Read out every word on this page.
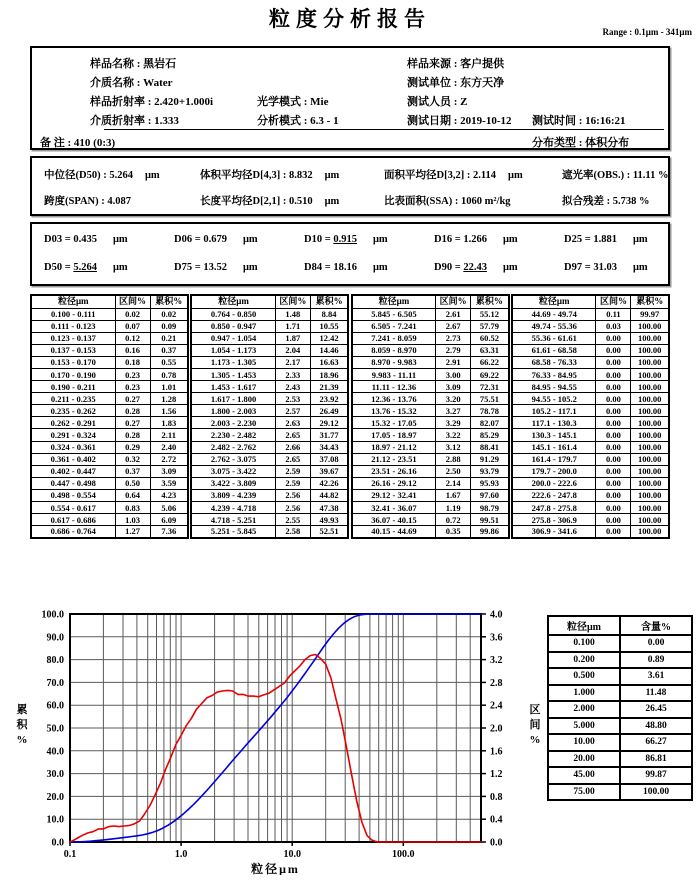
粒度分析报告
Range : 0.1μm - 341μm
样品名称 : 黑岩石	样品来源 : 客户提供
介质名称 : Water	测试单位 : 东方天净
样品折射率 : 2.420+1.000i	光学模式 : Mie	测试人员 : Z
介质折射率 : 1.333	分析模式 : 6.3 - 1	测试日期 : 2019-10-12 测试时间 : 16:16:21
备 注 : 410 (0:3)	分布类型 : 体积分布
中位径(D50) : 5.264 μm	体积平均径D[4,3] : 8.832 μm	面积平均径D[3,2] : 2.114 μm	遮光率(OBS.) : 11.11 %
跨度(SPAN) : 4.087	长度平均径D[2,1] : 0.510 μm	比表面积(SSA) : 1060 m²/kg	拟合残差 : 5.738 %
D03 = 0.435 μm	D06 = 0.679 μm	D10 = 0.915 μm	D16 = 1.266 μm	D25 = 1.881 μm
D50 = 5.264 μm	D75 = 13.52 μm	D84 = 18.16 μm	D90 = 22.43 μm	D97 = 31.03 μm
粒径μm	区间%	累积%
0.100 - 0.111	0.02	0.02
0.111 - 0.123	0.07	0.09
0.123 - 0.137	0.12	0.21
0.137 - 0.153	0.16	0.37
0.153 - 0.170	0.18	0.55
0.170 - 0.190	0.23	0.78
0.190 - 0.211	0.23	1.01
0.211 - 0.235	0.27	1.28
0.235 - 0.262	0.28	1.56
0.262 - 0.291	0.27	1.83
0.291 - 0.324	0.28	2.11
0.324 - 0.361	0.29	2.40
0.361 - 0.402	0.32	2.72
0.402 - 0.447	0.37	3.09
0.447 - 0.498	0.50	3.59
0.498 - 0.554	0.64	4.23
0.554 - 0.617	0.83	5.06
0.617 - 0.686	1.03	6.09
0.686 - 0.764	1.27	7.36
粒径μm	区间%	累积%
0.764 - 0.850	1.48	8.84
0.850 - 0.947	1.71	10.55
0.947 - 1.054	1.87	12.42
1.054 - 1.173	2.04	14.46
1.173 - 1.305	2.17	16.63
1.305 - 1.453	2.33	18.96
1.453 - 1.617	2.43	21.39
1.617 - 1.800	2.53	23.92
1.800 - 2.003	2.57	26.49
2.003 - 2.230	2.63	29.12
2.230 - 2.482	2.65	31.77
2.482 - 2.762	2.66	34.43
2.762 - 3.075	2.65	37.08
3.075 - 3.422	2.59	39.67
3.422 - 3.809	2.59	42.26
3.809 - 4.239	2.56	44.82
4.239 - 4.718	2.56	47.38
4.718 - 5.251	2.55	49.93
5.251 - 5.845	2.58	52.51
粒径μm	区间%	累积%
5.845 - 6.505	2.61	55.12
6.505 - 7.241	2.67	57.79
7.241 - 8.059	2.73	60.52
8.059 - 8.970	2.79	63.31
8.970 - 9.983	2.91	66.22
9.983 - 11.11	3.00	69.22
11.11 - 12.36	3.09	72.31
12.36 - 13.76	3.20	75.51
13.76 - 15.32	3.27	78.78
15.32 - 17.05	3.29	82.07
17.05 - 18.97	3.22	85.29
18.97 - 21.12	3.12	88.41
21.12 - 23.51	2.88	91.29
23.51 - 26.16	2.50	93.79
26.16 - 29.12	2.14	95.93
29.12 - 32.41	1.67	97.60
32.41 - 36.07	1.19	98.79
36.07 - 40.15	0.72	99.51
40.15 - 44.69	0.35	99.86
粒径μm	区间%	累积%
44.69 - 49.74	0.11	99.97
49.74 - 55.36	0.03	100.00
55.36 - 61.61	0.00	100.00
61.61 - 68.58	0.00	100.00
68.58 - 76.33	0.00	100.00
76.33 - 84.95	0.00	100.00
84.95 - 94.55	0.00	100.00
94.55 - 105.2	0.00	100.00
105.2 - 117.1	0.00	100.00
117.1 - 130.3	0.00	100.00
130.3 - 145.1	0.00	100.00
145.1 - 161.4	0.00	100.00
161.4 - 179.7	0.00	100.00
179.7 - 200.0	0.00	100.00
200.0 - 222.6	0.00	100.00
222.6 - 247.8	0.00	100.00
247.8 - 275.8	0.00	100.00
275.8 - 306.9	0.00	100.00
306.9 - 341.6	0.00	100.00
0.0
10.0
20.0
30.0
40.0
50.0
60.0
70.0
80.0
90.0
100.0
0.0
0.4
0.8
1.2
1.6
2.0
2.4
2.8
3.2
3.6
4.0
0.1	1.0	10.0	100.0
累
积
%
区
间
%
粒径μm
粒径μm	含量%
0.100	0.00
0.200	0.89
0.500	3.61
1.000	11.48
2.000	26.45
5.000	48.80
10.00	66.27
20.00	86.81
45.00	99.87
75.00	100.00
